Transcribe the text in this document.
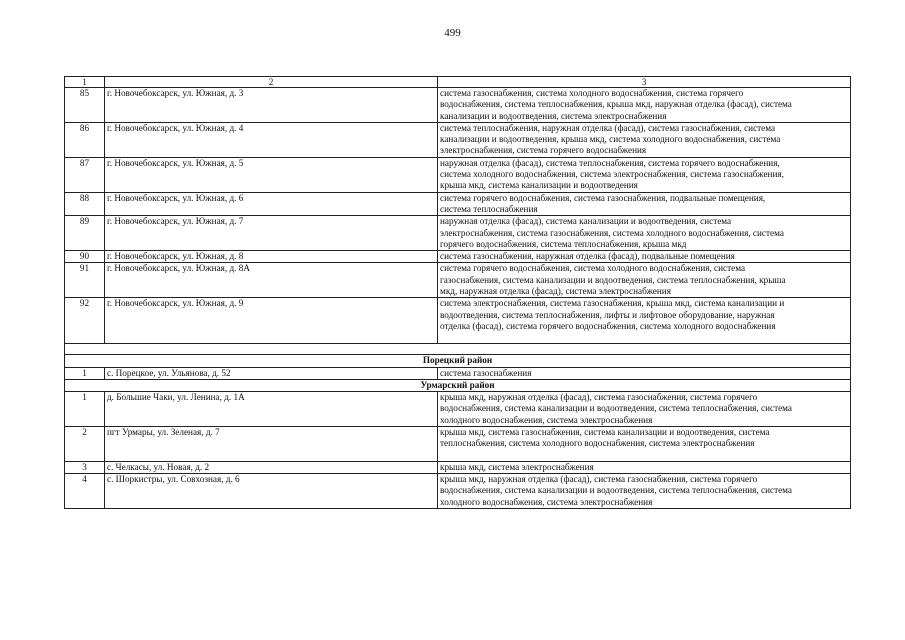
499
1	2	3
85	г. Новочебоксарск, ул. Южная, д. 3	система газоснабжения, система холодного водоснабжения, система горячего
водоснабжения, система теплоснабжения, крыша мкд, наружная отделка (фасад), система
канализации и водоотведения, система электроснабжения

86	г. Новочебоксарск, ул. Южная, д. 4	система теплоснабжения, наружная отделка (фасад), система газоснабжения, система
канализации и водоотведения, крыша мкд, система холодного водоснабжения, система
электроснабжения, система горячего водоснабжения

87	г. Новочебоксарск, ул. Южная, д. 5	наружная отделка (фасад), система теплоснабжения, система горячего водоснабжения,
система холодного водоснабжения, система электроснабжения, система газоснабжения,
крыша мкд, система канализации и водоотведения

88	г. Новочебоксарск, ул. Южная, д. 6	система горячего водоснабжения, система газоснабжения, подвальные помещения,
система теплоснабжения

89	г. Новочебоксарск, ул. Южная, д. 7	наружная отделка (фасад), система канализации и водоотведения, система
электроснабжения, система газоснабжения, система холодного водоснабжения, система
горячего водоснабжения, система теплоснабжения, крыша мкд

90	г. Новочебоксарск, ул. Южная, д. 8	система газоснабжения, наружная отделка (фасад), подвальные помещения

91	г. Новочебоксарск, ул. Южная, д. 8А	система горячего водоснабжения, система холодного водоснабжения, система
газоснабжения, система канализации и водоотведения, система теплоснабжения, крыша
мкд, наружная отделка (фасад), система электроснабжения

92	г. Новочебоксарск, ул. Южная, д. 9	система электроснабжения, система газоснабжения, крыша мкд, система канализации и
водоотведения, система теплоснабжения, лифты и лифтовое оборудование, наружная
отделка (фасад), система горячего водоснабжения, система холодного водоснабжения

Порецкий район		
1	с. Порецкое, ул. Ульянова, д. 52	система газоснабжения

Урмарский район		
1	д. Большие Чаки, ул. Ленина, д. 1А	крыша мкд, наружная отделка (фасад), система газоснабжения, система горячего
водоснабжения, система канализации и водоотведения, система теплоснабжения, система
холодного водоснабжения, система электроснабжения

2	пгт Урмары, ул. Зеленая, д. 7	крыша мкд, система газоснабжения, система канализации и водоотведения, система
теплоснабжения, система холодного водоснабжения, система электроснабжения

3	с. Челкасы, ул. Новая, д. 2	крыша мкд, система электроснабжения

4	с. Шоркистры, ул. Совхозная, д. 6	крыша мкд, наружная отделка (фасад), система газоснабжения, система горячего
водоснабжения, система канализации и водоотведения, система теплоснабжения, система
холодного водоснабжения, система электроснабжения
